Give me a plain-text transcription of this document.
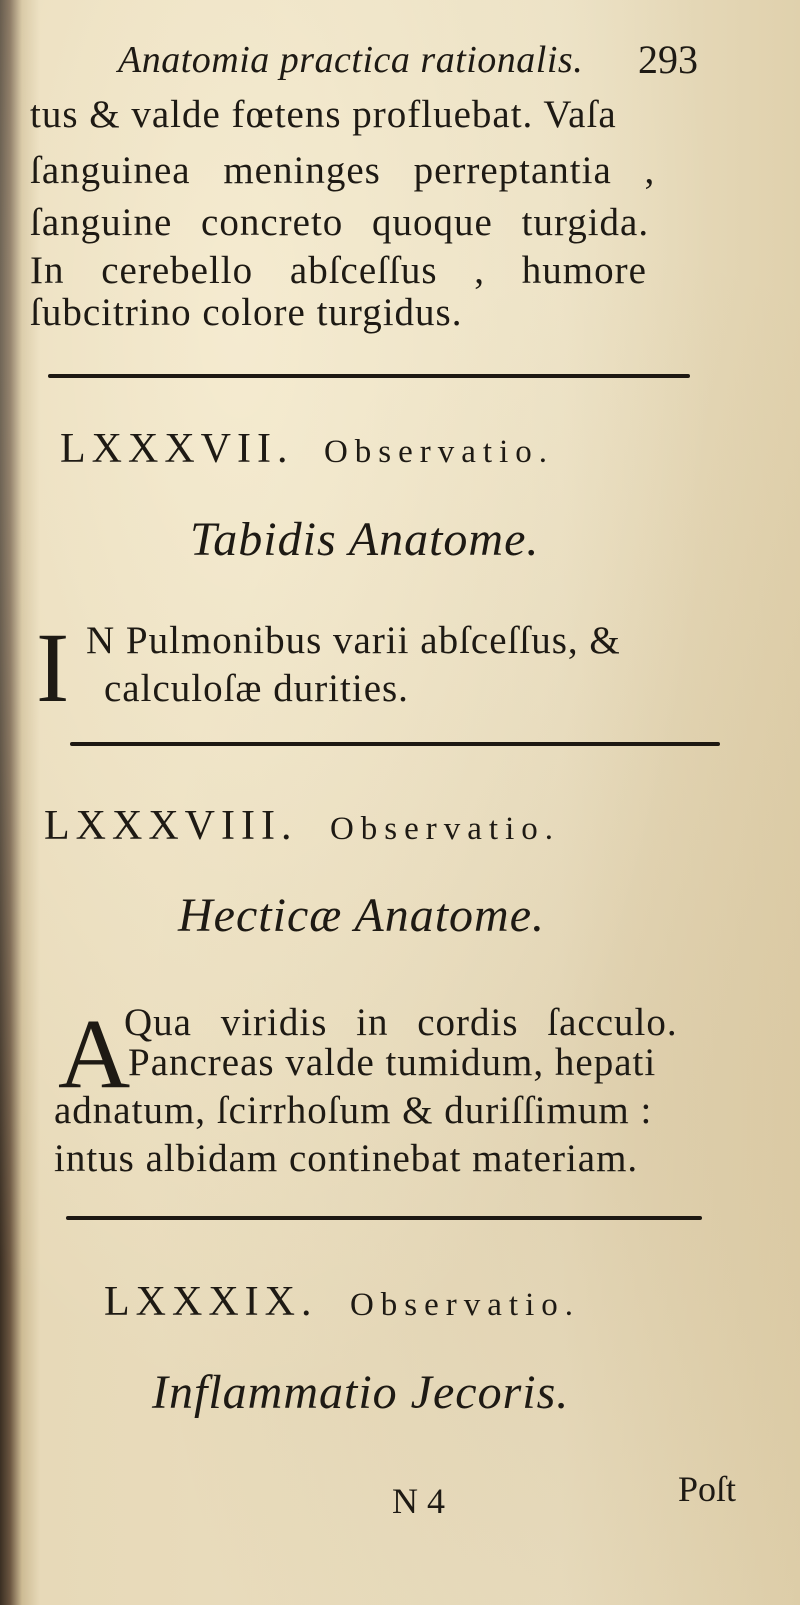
Anatomia practica rationalis. 293
tus & valde fœtens profluebat. Vaſa
ſanguinea meninges perreptantia ,
ſanguine concreto quoque turgida.
In cerebello abſceſſus , humore
ſubcitrino colore turgidus.
LXXXVII. Observatio.
Tabidis Anatome.
I N Pulmonibus varii abſceſſus, &
calculoſæ durities.
LXXXVIII. Observatio.
Hecticæ Anatome.
A
Qua viridis in cordis ſacculo.
Pancreas valde tumidum, hepati
adnatum, ſcirrhoſum & duriſſimum :
intus albidam continebat materiam.
LXXXIX. Observatio.
Inflammatio Jecoris.
N 4	Poſt
